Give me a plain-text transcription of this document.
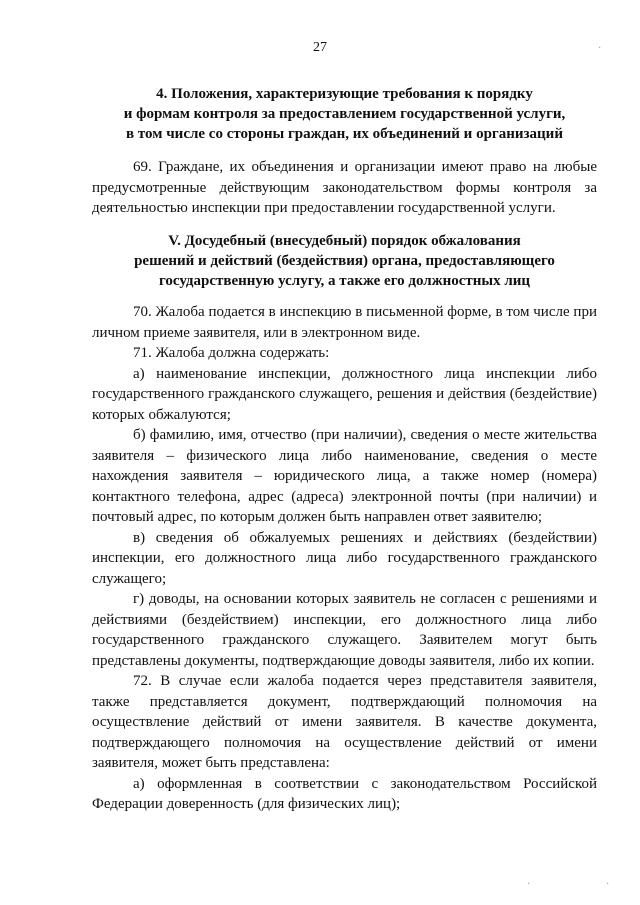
27
4. Положения, характеризующие требования к порядку
и формам контроля за предоставлением государственной услуги,
в том числе со стороны граждан, их объединений и организаций

69. Граждане, их объединения и организации имеют право на любые предусмотренные действующим законодательством формы контроля за деятельностью инспекции при предоставлении государственной услуги.

V. Досудебный (внесудебный) порядок обжалования
решений и действий (бездействия) органа, предоставляющего
государственную услугу, а также его должностных лиц

70. Жалоба подается в инспекцию в письменной форме, в том числе при личном приеме заявителя, или в электронном виде.

71. Жалоба должна содержать:

а) наименование инспекции, должностного лица инспекции либо государственного гражданского служащего, решения и действия (бездействие) которых обжалуются;

б) фамилию, имя, отчество (при наличии), сведения о месте жительства заявителя – физического лица либо наименование, сведения о месте нахождения заявителя – юридического лица, а также номер (номера) контактного телефона, адрес (адреса) электронной почты (при наличии) и почтовый адрес, по которым должен быть направлен ответ заявителю;

в) сведения об обжалуемых решениях и действиях (бездействии) инспекции, его должностного лица либо государственного гражданского служащего;

г) доводы, на основании которых заявитель не согласен с решениями и действиями (бездействием) инспекции, его должностного лица либо государственного гражданского служащего. Заявителем могут быть представлены документы, подтверждающие доводы заявителя, либо их копии.

72. В случае если жалоба подается через представителя заявителя, также представляется документ, подтверждающий полномочия на осуществление действий от имени заявителя. В качестве документа, подтверждающего полномочия на осуществление действий от имени заявителя, может быть представлена:

а) оформленная в соответствии с законодательством Российской Федерации доверенность (для физических лиц);

·
·	·
